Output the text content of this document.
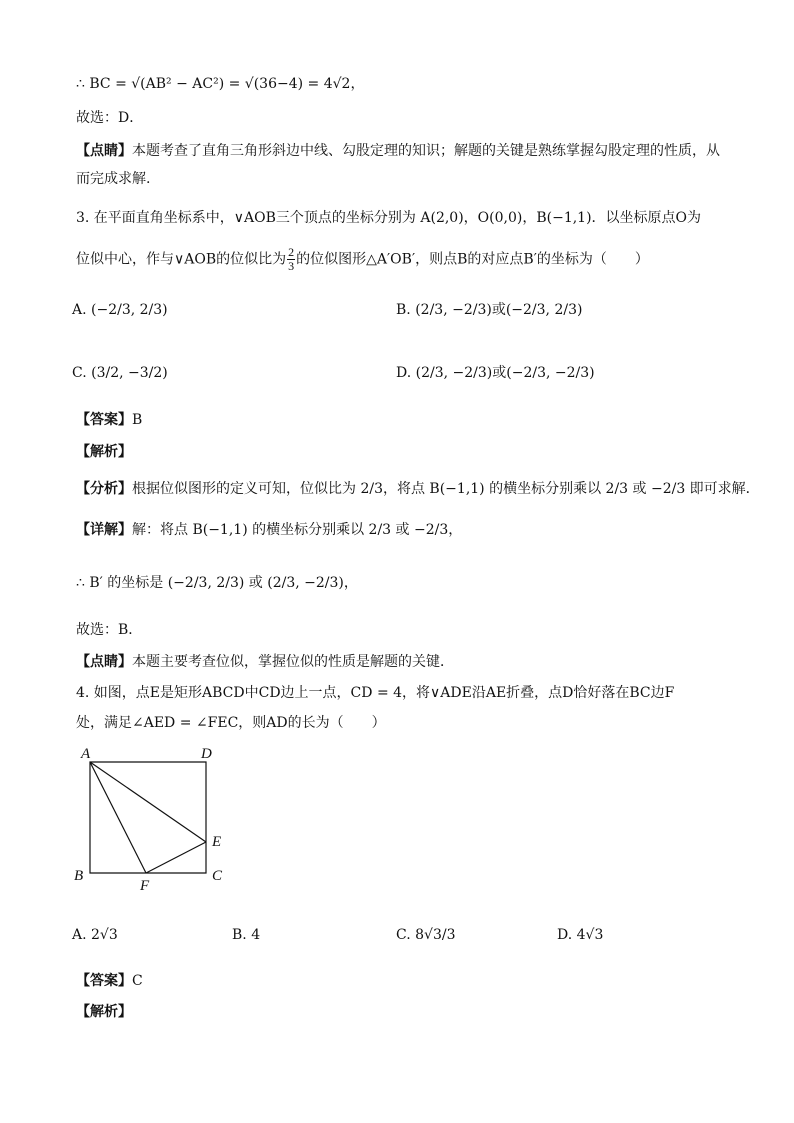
∴ BC = √(AB² − AC²) = √(36−4) = 4√2，
故选：D．
【点睛】本题考查了直角三角形斜边中线、勾股定理的知识；解题的关键是熟练掌握勾股定理的性质，从
而完成求解.
3. 在平面直角坐标系中，∨AOB三个顶点的坐标分别为 A(2,0)，O(0,0)，B(−1,1)．以坐标原点O为
位似中心，作与∨AOB的位似比为 $\frac{2}{3}$ 的位似图形△A′OB′，则点B的对应点B′的坐标为（　　）
A. (−2/3, 2/3)	B. (2/3, −2/3)或(−2/3, 2/3)
C. (3/2, −3/2)	D. (2/3, −2/3)或(−2/3, −2/3)
【答案】B
【解析】
【分析】根据位似图形的定义可知，位似比为 2/3，将点 B(−1,1) 的横坐标分别乘以 2/3 或 −2/3 即可求解．
【详解】解：将点 B(−1,1) 的横坐标分别乘以 2/3 或 −2/3，
∴ B′ 的坐标是 (−2/3, 2/3) 或 (2/3, −2/3)，
故选：B．
【点睛】本题主要考查位似，掌握位似的性质是解题的关键．
4. 如图，点E是矩形ABCD中CD边上一点，CD = 4，将∨ADE沿AE折叠，点D恰好落在BC边F
处，满足∠AED = ∠FEC，则AD的长为（　　）
A	D
E
B	C
F
A. 2√3	B. 4	C. 8√3/3	D. 4√3
【答案】C
【解析】
